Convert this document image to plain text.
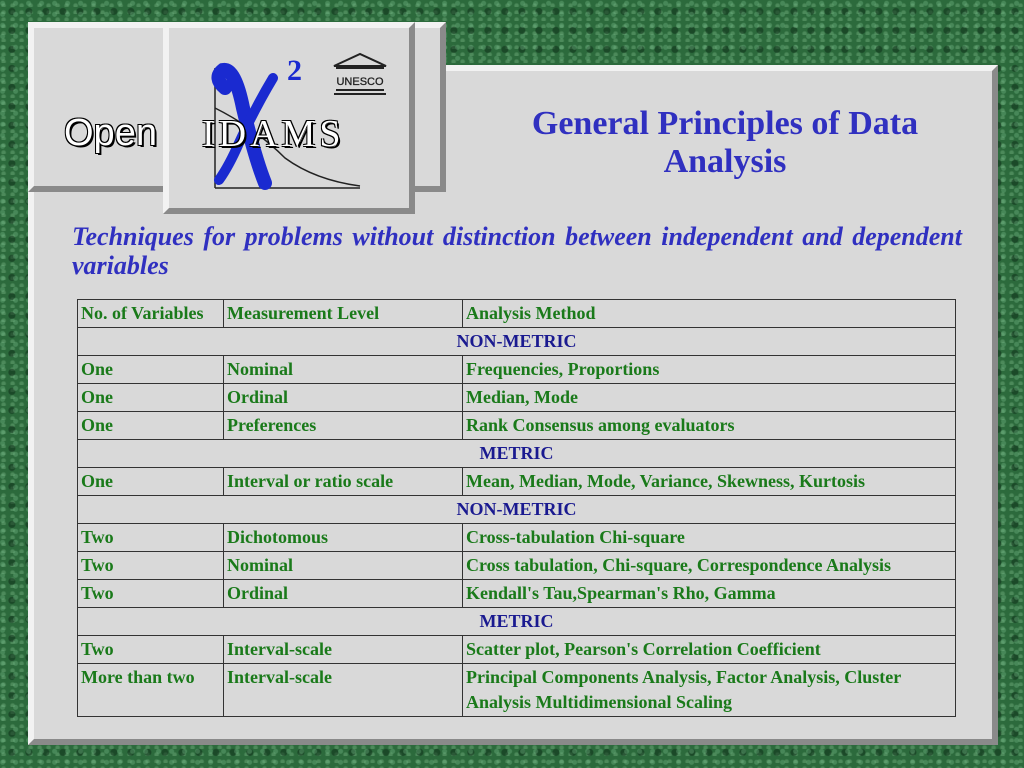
2	UNESCO
Open IDAMS	General Principles of Data Analysis
Techniques for problems without distinction between independent and dependent variables
No. of Variables	Measurement Level	Analysis Method
NON-METRIC		
One	Nominal	Frequencies, Proportions
One	Ordinal	Median, Mode
One	Preferences	Rank Consensus among evaluators
METRIC		
One	Interval or ratio scale	Mean, Median, Mode, Variance, Skewness, Kurtosis
NON-METRIC		
Two	Dichotomous	Cross-tabulation Chi-square
Two	Nominal	Cross tabulation, Chi-square, Correspondence Analysis
Two	Ordinal	Kendall's Tau,Spearman's Rho, Gamma
METRIC		
Two	Interval-scale	Scatter plot, Pearson's Correlation Coefficient
More than two	Interval-scale	Principal Components Analysis, Factor Analysis, Cluster Analysis Multidimensional Scaling
